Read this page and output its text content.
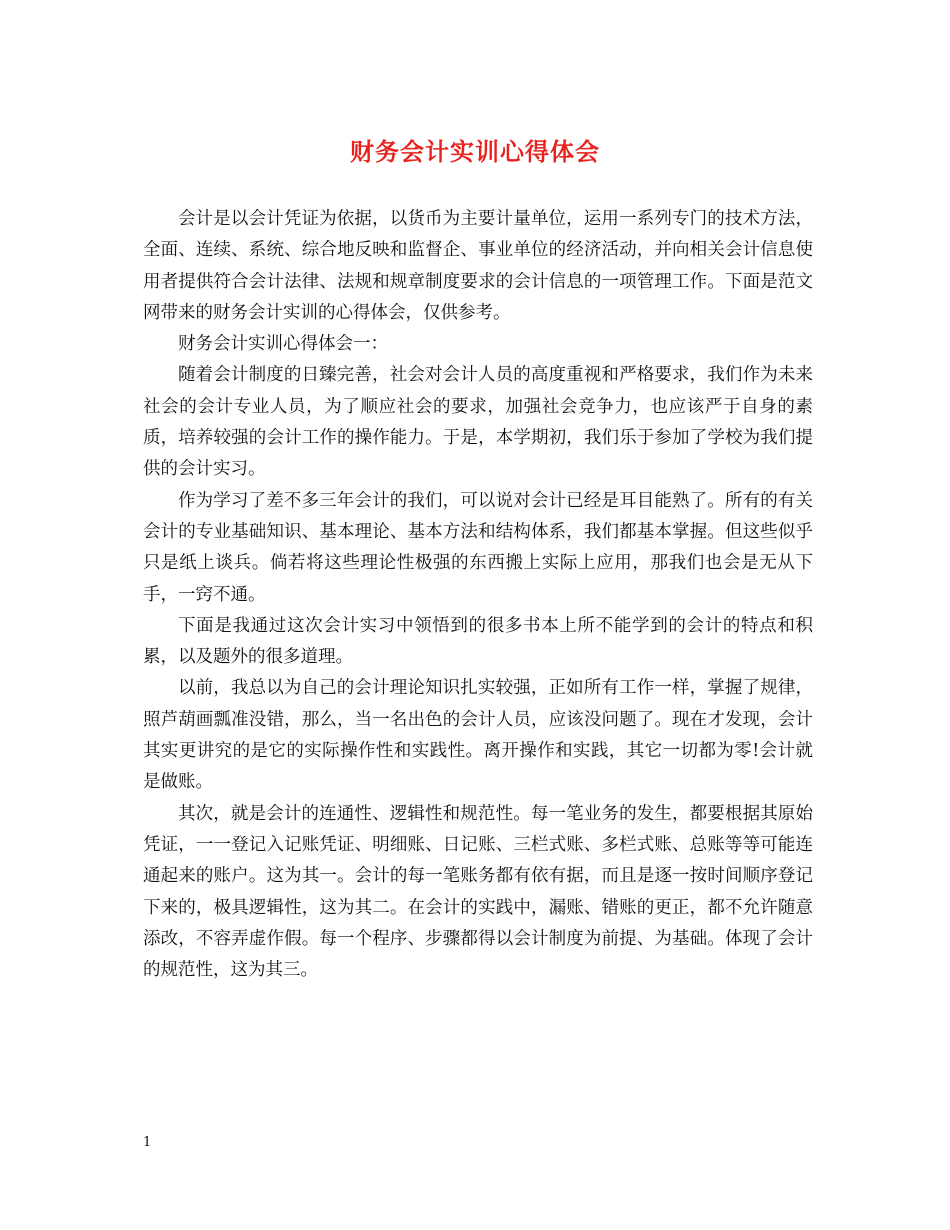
财务会计实训心得体会

会计是以会计凭证为依据，以货币为主要计量单位，运用一系列专门的技术方法，全面、连续、系统、综合地反映和监督企、事业单位的经济活动，并向相关会计信息使用者提供符合会计法律、法规和规章制度要求的会计信息的一项管理工作。下面是范文网带来的财务会计实训的心得体会，仅供参考。

财务会计实训心得体会一：

随着会计制度的日臻完善，社会对会计人员的高度重视和严格要求，我们作为未来社会的会计专业人员，为了顺应社会的要求，加强社会竞争力，也应该严于自身的素质，培养较强的会计工作的操作能力。于是，本学期初，我们乐于参加了学校为我们提供的会计实习。

作为学习了差不多三年会计的我们，可以说对会计已经是耳目能熟了。所有的有关会计的专业基础知识、基本理论、基本方法和结构体系，我们都基本掌握。但这些似乎只是纸上谈兵。倘若将这些理论性极强的东西搬上实际上应用，那我们也会是无从下手，一窍不通。

下面是我通过这次会计实习中领悟到的很多书本上所不能学到的会计的特点和积累，以及题外的很多道理。

以前，我总以为自己的会计理论知识扎实较强，正如所有工作一样，掌握了规律，照芦葫画瓢准没错，那么，当一名出色的会计人员，应该没问题了。现在才发现，会计其实更讲究的是它的实际操作性和实践性。离开操作和实践，其它一切都为零!会计就是做账。

其次，就是会计的连通性、逻辑性和规范性。每一笔业务的发生，都要根据其原始凭证，一一登记入记账凭证、明细账、日记账、三栏式账、多栏式账、总账等等可能连通起来的账户。这为其一。会计的每一笔账务都有依有据，而且是逐一按时间顺序登记下来的，极具逻辑性，这为其二。在会计的实践中，漏账、错账的更正，都不允许随意添改，不容弄虚作假。每一个程序、步骤都得以会计制度为前提、为基础。体现了会计的规范性，这为其三。

1
